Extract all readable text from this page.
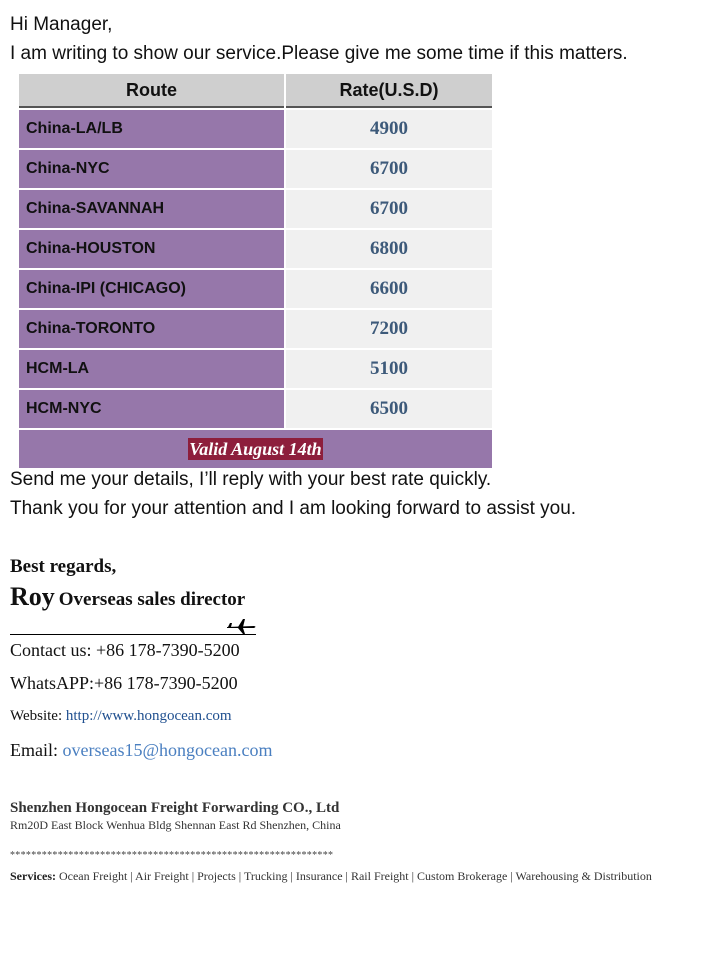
Hi Manager,
I am writing to show our service.Please give me some time if this matters.
Route	Rate(U.S.D)
China-LA/LB	4900
China-NYC	6700
China-SAVANNAH	6700
China-HOUSTON	6800
China-IPI (CHICAGO)	6600
China-TORONTO	7200
HCM-LA	5100
HCM-NYC	6500
Valid August 14th	
Send me your details, I’ll reply with your best rate quickly.
Thank you for your attention and I am looking forward to assist you.
Best regards,
Roy Overseas sales director
Contact us: +86 178-7390-5200
WhatsAPP:+86 178-7390-5200
Website: http://www.hongocean.com
Email: overseas15@hongocean.com
Shenzhen Hongocean Freight Forwarding CO., Ltd
Rm20D East Block Wenhua Bldg Shennan East Rd Shenzhen, China
*************************************************************
Services: Ocean Freight | Air Freight | Projects | Trucking | Insurance | Rail Freight | Custom Brokerage | Warehousing & Distribution
